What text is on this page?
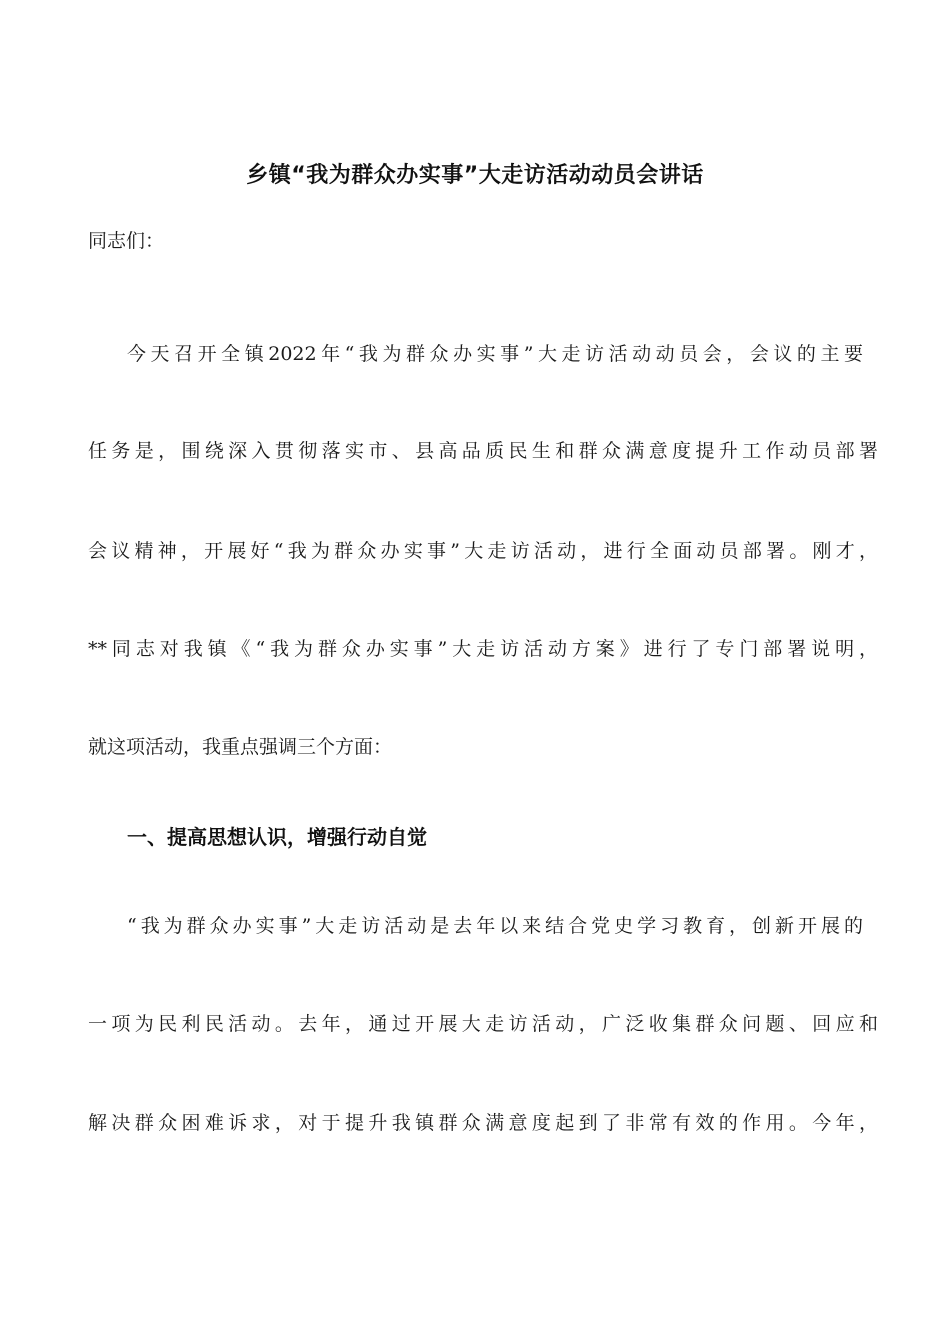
乡镇“我为群众办实事”大走访活动动员会讲话
同志们：
今天召开全镇2022年“我为群众办实事”大走访活动动员会，会议的主要
任务是，围绕深入贯彻落实市、县高品质民生和群众满意度提升工作动员部署
会议精神，开展好“我为群众办实事”大走访活动，进行全面动员部署。刚才，
**同志对我镇《“我为群众办实事”大走访活动方案》进行了专门部署说明，
就这项活动，我重点强调三个方面：
一、提高思想认识，增强行动自觉
“我为群众办实事”大走访活动是去年以来结合党史学习教育，创新开展的
一项为民利民活动。去年，通过开展大走访活动，广泛收集群众问题、回应和
解决群众困难诉求，对于提升我镇群众满意度起到了非常有效的作用。今年，
